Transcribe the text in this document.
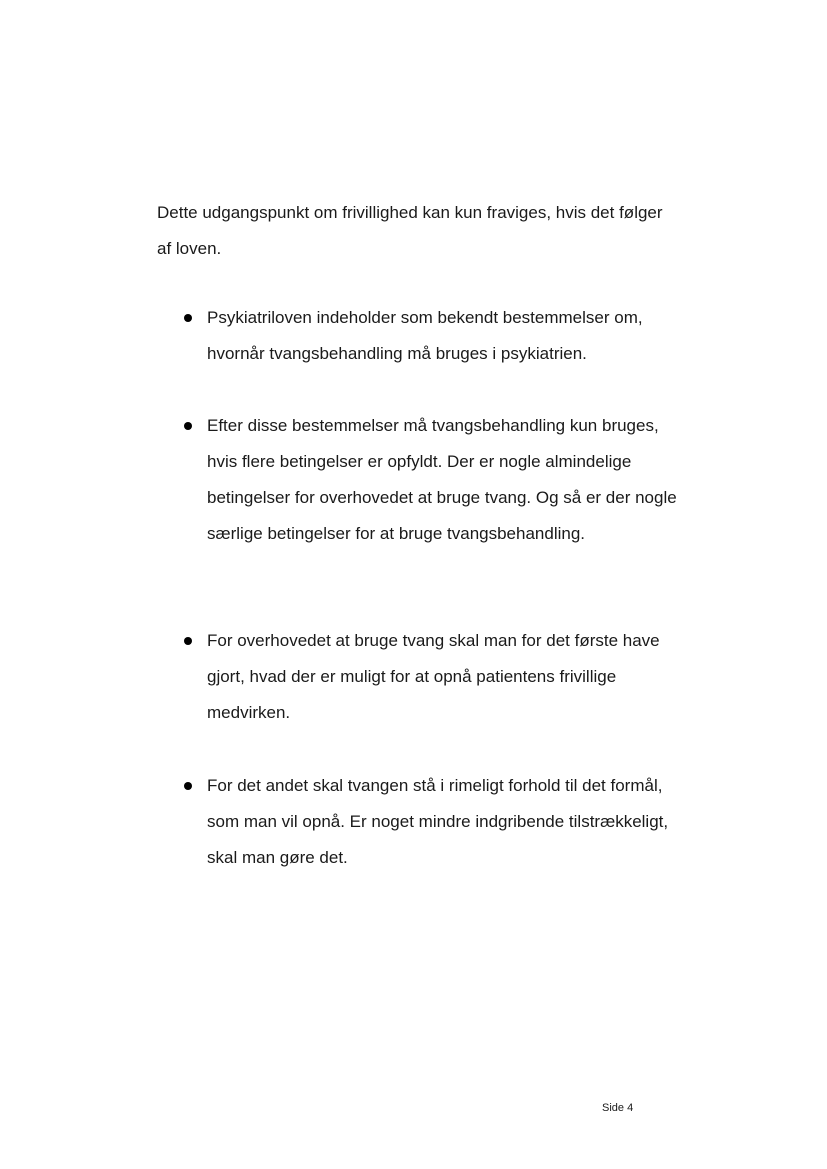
Dette udgangspunkt om frivillighed kan kun fraviges, hvis det følger af loven.

Psykiatriloven indeholder som bekendt bestemmelser om, hvornår tvangsbehandling må bruges i psykiatrien.
Efter disse bestemmelser må tvangsbehandling kun bruges, hvis flere betingelser er opfyldt. Der er nogle almindelige betingelser for overhovedet at bruge tvang. Og så er der nogle særlige betingelser for at bruge tvangsbehandling.
For overhovedet at bruge tvang skal man for det første have gjort, hvad der er muligt for at opnå patientens frivillige medvirken.
For det andet skal tvangen stå i rimeligt forhold til det formål, som man vil opnå. Er noget mindre indgribende tilstrækkeligt, skal man gøre det.
Side 4
